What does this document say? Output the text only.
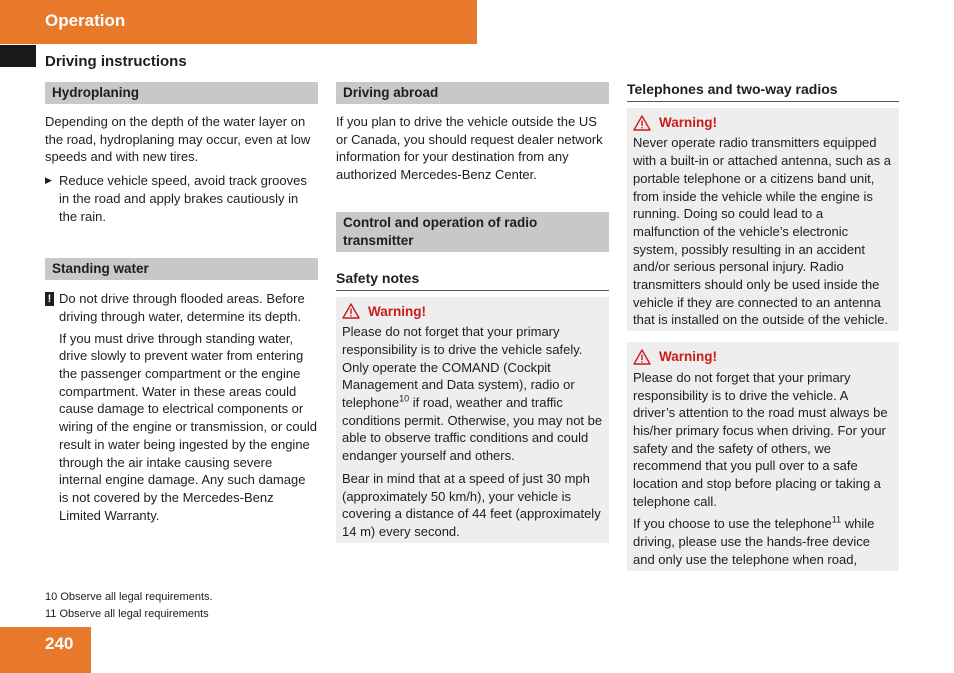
Operation
Driving instructions
Hydroplaning

Depending on the depth of the water layer on the road, hydroplaning may occur, even at low speeds and with new tires.

▶ Reduce vehicle speed, avoid track grooves in the road and apply brakes cautiously in the rain.
Standing water
! Do not drive through flooded areas. Before driving through water, determine its depth.

If you must drive through standing water, drive slowly to prevent water from entering the passenger compartment or the engine compartment. Water in these areas could cause damage to electrical components or wiring of the engine or transmission, or could result in water being ingested by the engine through the air intake causing severe internal engine damage. Any such damage is not covered by the Mercedes-Benz Limited Warranty.

Driving abroad

If you plan to drive the vehicle outside the US or Canada, you should request dealer network information for your destination from any authorized Mercedes-Benz Center.

Control and operation of radio transmitter
Safety notes
Warning!

Please do not forget that your primary responsibility is to drive the vehicle safely. Only operate the COMAND (Cockpit Management and Data system), radio or telephone$^{10}$ if road, weather and traffic conditions permit. Otherwise, you may not be able to observe traffic conditions and could endanger yourself and others.

Bear in mind that at a speed of just 30 mph (approximately 50 km/h), your vehicle is covering a distance of 44 feet (approximately 14 m) every second.

Telephones and two-way radios
Warning!

Never operate radio transmitters equipped with a built-in or attached antenna, such as a portable telephone or a citizens band unit, from inside the vehicle while the engine is running. Doing so could lead to a malfunction of the vehicle’s electronic system, possibly resulting in an accident and/or serious personal injury. Radio transmitters should only be used inside the vehicle if they are connected to an antenna that is installed on the outside of the vehicle.

Warning!

Please do not forget that your primary responsibility is to drive the vehicle. A driver’s attention to the road must always be his/her primary focus when driving. For your safety and the safety of others, we recommend that you pull over to a safe location and stop before placing or taking a telephone call.

If you choose to use the telephone$^{11}$ while driving, please use the hands-free device and only use the telephone when road,

10 Observe all legal requirements.
11 Observe all legal requirements
240
